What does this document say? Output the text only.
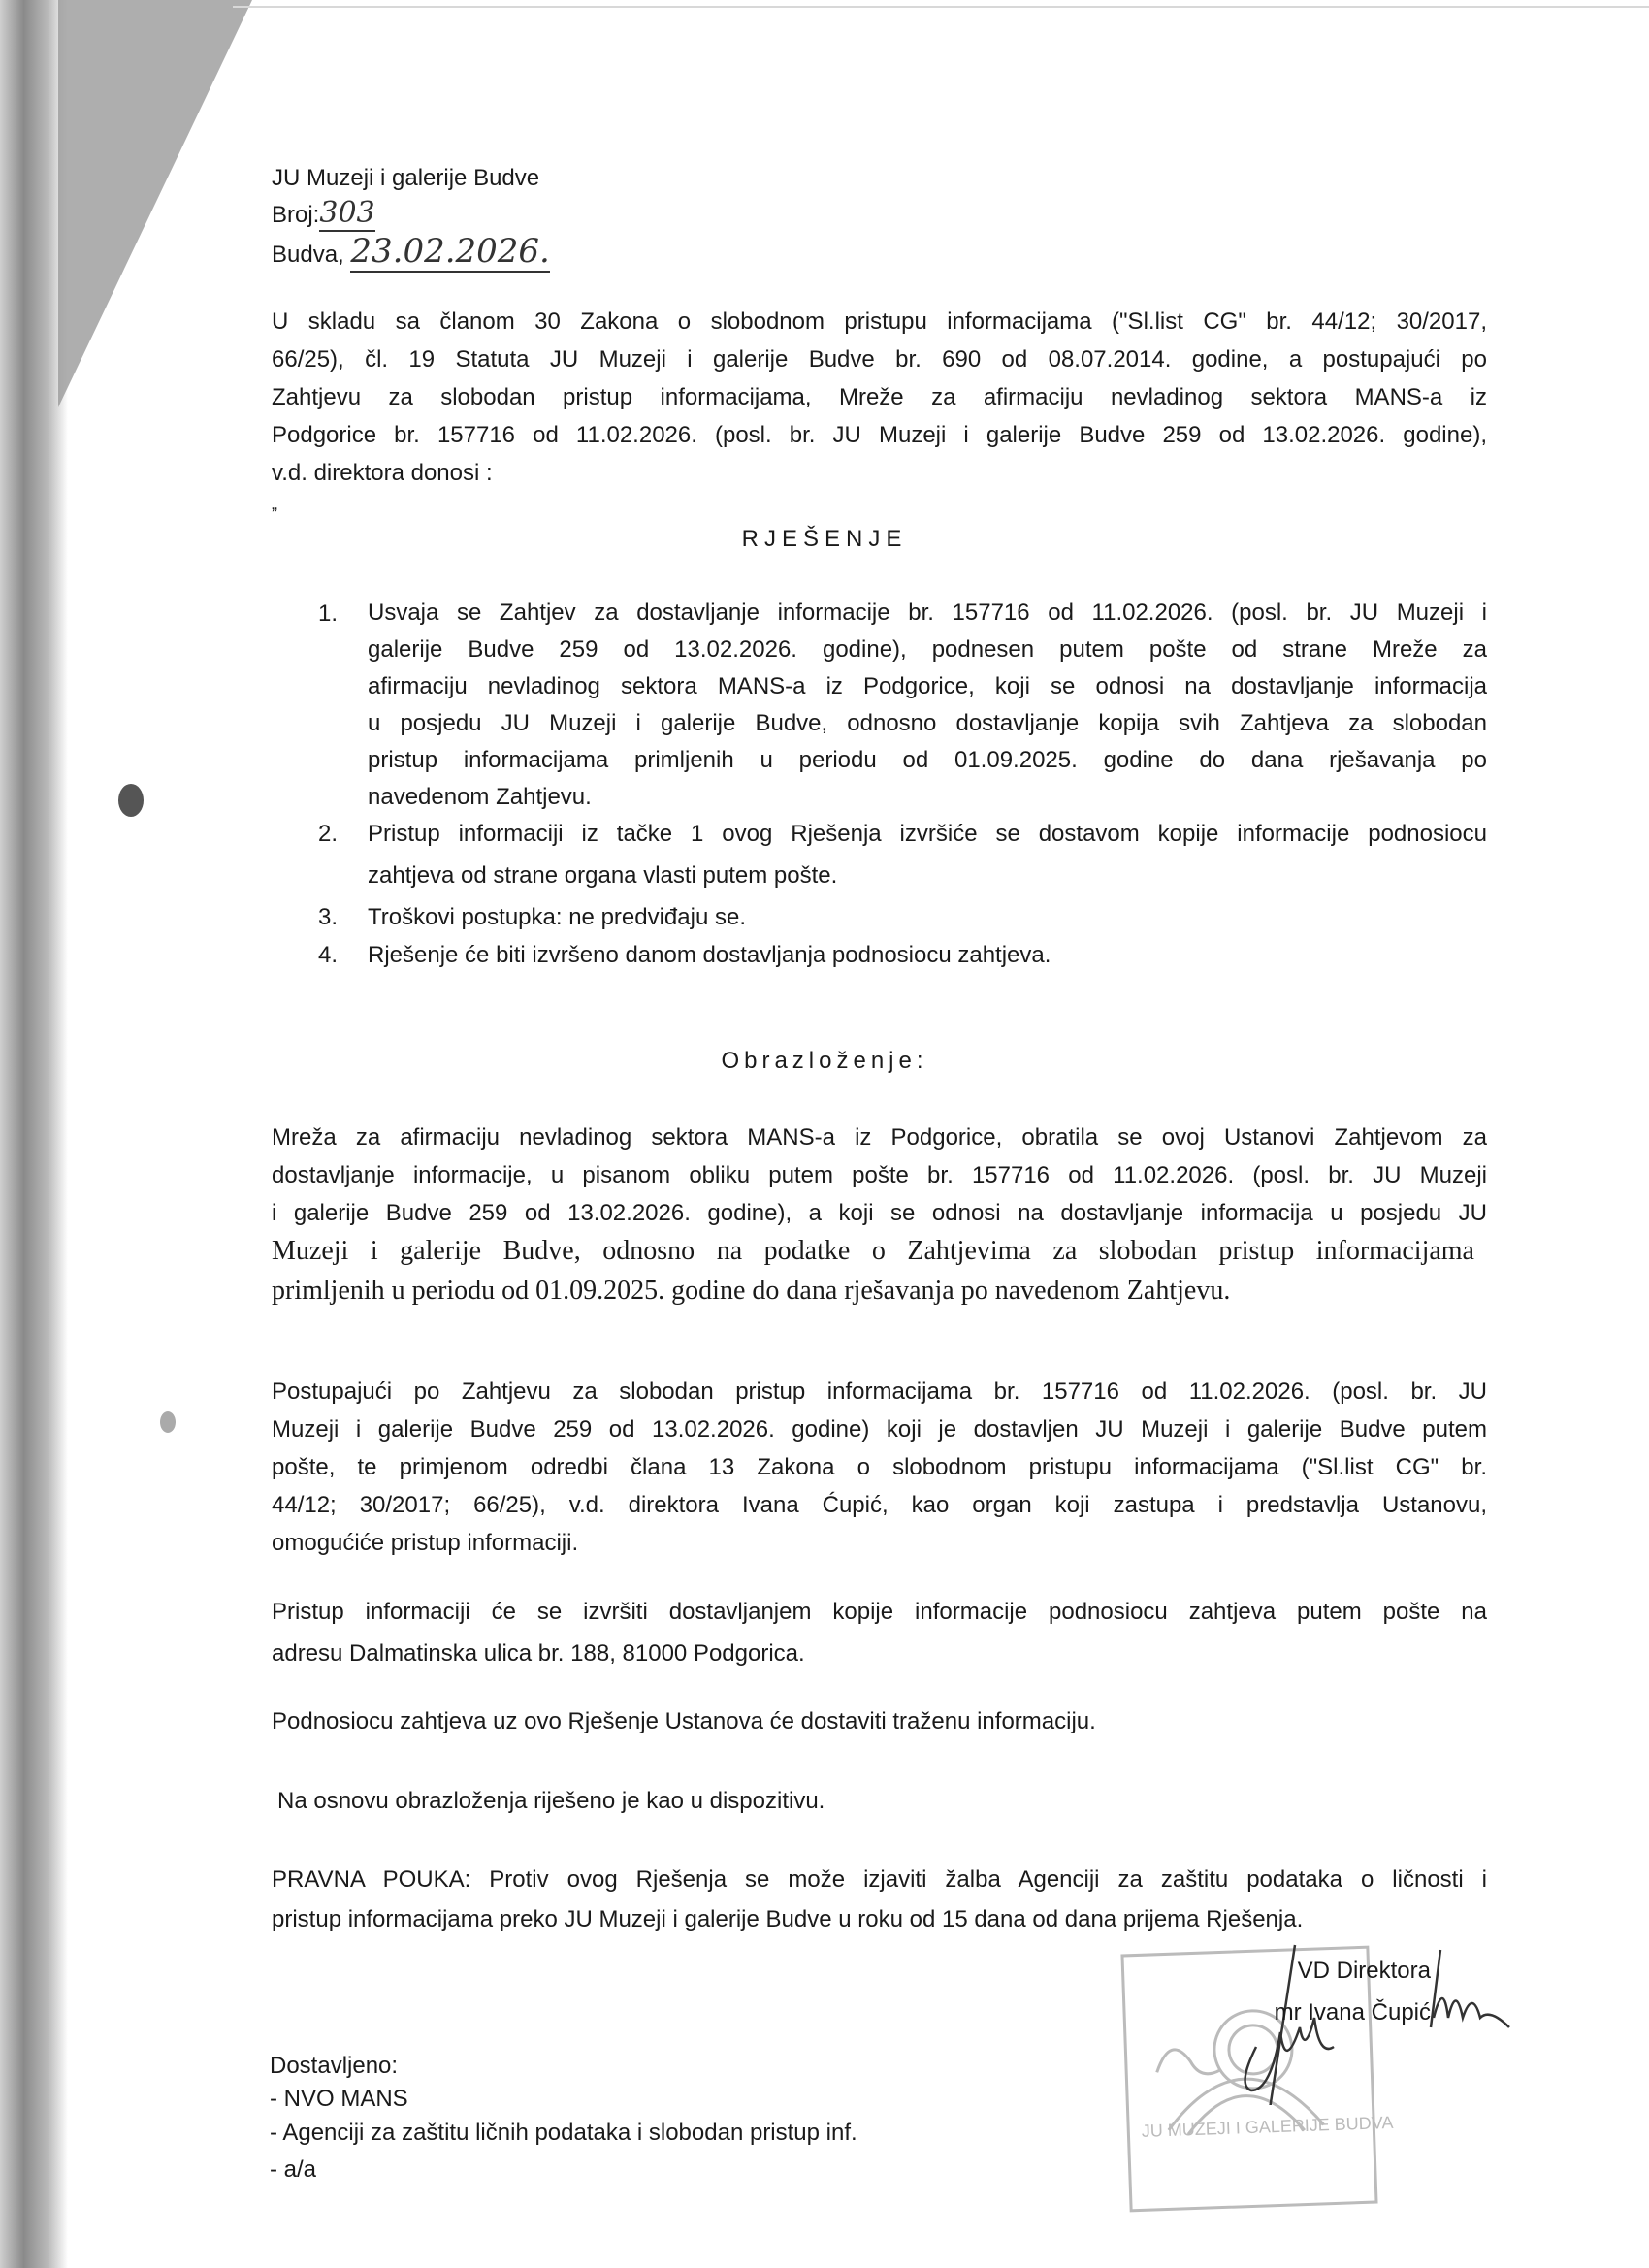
JU Muzeji i galerije Budve
Broj:303
Budva, 23.02.2026.
U skladu sa članom 30 Zakona o slobodnom pristupu informacijama ("Sl.list CG" br. 44/12; 30/2017,
66/25), čl. 19 Statuta JU Muzeji i galerije Budve br. 690 od 08.07.2014. godine, a postupajući po
Zahtjevu za slobodan pristup informacijama, Mreže za afirmaciju nevladinog sektora MANS-a iz
Podgorice br. 157716 od 11.02.2026. (posl. br. JU Muzeji i galerije Budve 259 od 13.02.2026. godine),
v.d. direktora donosi :
„
RJEŠENJE
1. Usvaja se Zahtjev za dostavljanje informacije br. 157716 od 11.02.2026. (posl. br. JU Muzeji i
galerije Budve 259 od 13.02.2026. godine), podnesen putem pošte od strane Mreže za
afirmaciju nevladinog sektora MANS-a iz Podgorice, koji se odnosi na dostavljanje informacija
u posjedu JU Muzeji i galerije Budve, odnosno dostavljanje kopija svih Zahtjeva za slobodan
pristup informacijama primljenih u periodu od 01.09.2025. godine do dana rješavanja po
navedenom Zahtjevu.
2. Pristup informaciji iz tačke 1 ovog Rješenja izvršiće se dostavom kopije informacije podnosiocu
zahtjeva od strane organa vlasti putem pošte.
3. Troškovi postupka: ne predviđaju se.
4. Rješenje će biti izvršeno danom dostavljanja podnosiocu zahtjeva.
Obrazloženje:
Mreža za afirmaciju nevladinog sektora MANS-a iz Podgorice, obratila se ovoj Ustanovi Zahtjevom za
dostavljanje informacije, u pisanom obliku putem pošte br. 157716 od 11.02.2026. (posl. br. JU Muzeji
i galerije Budve 259 od 13.02.2026. godine), a koji se odnosi na dostavljanje informacija u posjedu JU
Muzeji i galerije Budve, odnosno na podatke o Zahtjevima za slobodan pristup informacijama
primljenih u periodu od 01.09.2025. godine do dana rješavanja po navedenom Zahtjevu.
Postupajući po Zahtjevu za slobodan pristup informacijama br. 157716 od 11.02.2026. (posl. br. JU
Muzeji i galerije Budve 259 od 13.02.2026. godine) koji je dostavljen JU Muzeji i galerije Budve putem
pošte, te primjenom odredbi člana 13 Zakona o slobodnom pristupu informacijama ("Sl.list CG" br.
44/12; 30/2017; 66/25), v.d. direktora Ivana Ćupić, kao organ koji zastupa i predstavlja Ustanovu,
omogućiće pristup informaciji.
Pristup informaciji će se izvršiti dostavljanjem kopije informacije podnosiocu zahtjeva putem pošte na
adresu Dalmatinska ulica br. 188, 81000 Podgorica.
Podnosiocu zahtjeva uz ovo Rješenje Ustanova će dostaviti traženu informaciju.
Na osnovu obrazloženja riješeno je kao u dispozitivu.
PRAVNA POUKA: Protiv ovog Rješenja se može izjaviti žalba Agenciji za zaštitu podataka o ličnosti i
pristup informacijama preko JU Muzeji i galerije Budve u roku od 15 dana od dana prijema Rješenja.
JU MUZEJI I GALERIJE BUDVA
VD Direktora
mr Ivana Čupić
Dostavljeno:
- NVO MANS
- Agenciji za zaštitu ličnih podataka i slobodan pristup inf.
- a/a
